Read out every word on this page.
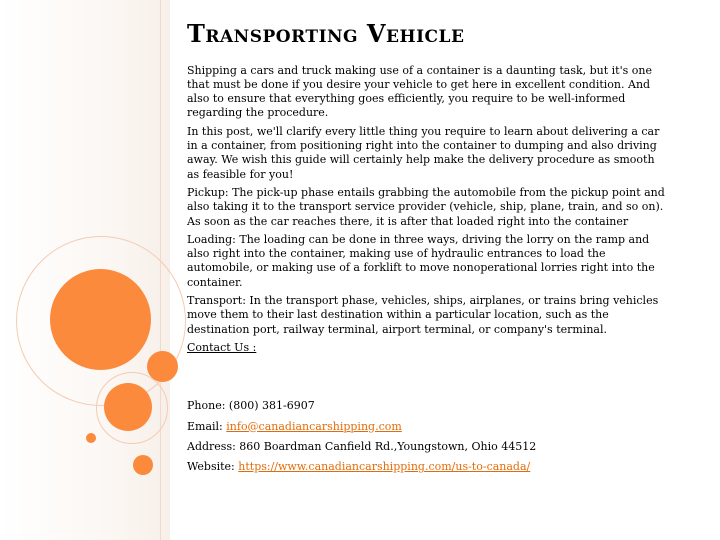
Transporting Vehicle

Shipping a cars and truck making use of a container is a daunting task, but it's one that must be done if you desire your vehicle to get here in excellent condition. And also to ensure that everything goes efficiently, you require to be well-informed regarding the procedure.

In this post, we'll clarify every little thing you require to learn about delivering a car in a container, from positioning right into the container to dumping and also driving away. We wish this guide will certainly help make the delivery procedure as smooth as feasible for you!

Pickup: The pick-up phase entails grabbing the automobile from the pickup point and also taking it to the transport service provider (vehicle, ship, plane, train, and so on). As soon as the car reaches there, it is after that loaded right into the container

Loading: The loading can be done in three ways, driving the lorry on the ramp and also right into the container, making use of hydraulic entrances to load the automobile, or making use of a forklift to move nonoperational lorries right into the container.

Transport: In the transport phase, vehicles, ships, airplanes, or trains bring vehicles move them to their last destination within a particular location, such as the destination port, railway terminal, airport terminal, or company's terminal.

Contact Us :

Phone: (800) 381-6907

Email: info@canadiancarshipping.com

Address: 860 Boardman Canfield Rd.,Youngstown, Ohio 44512

Website: https://www.canadiancarshipping.com/us-to-canada/
